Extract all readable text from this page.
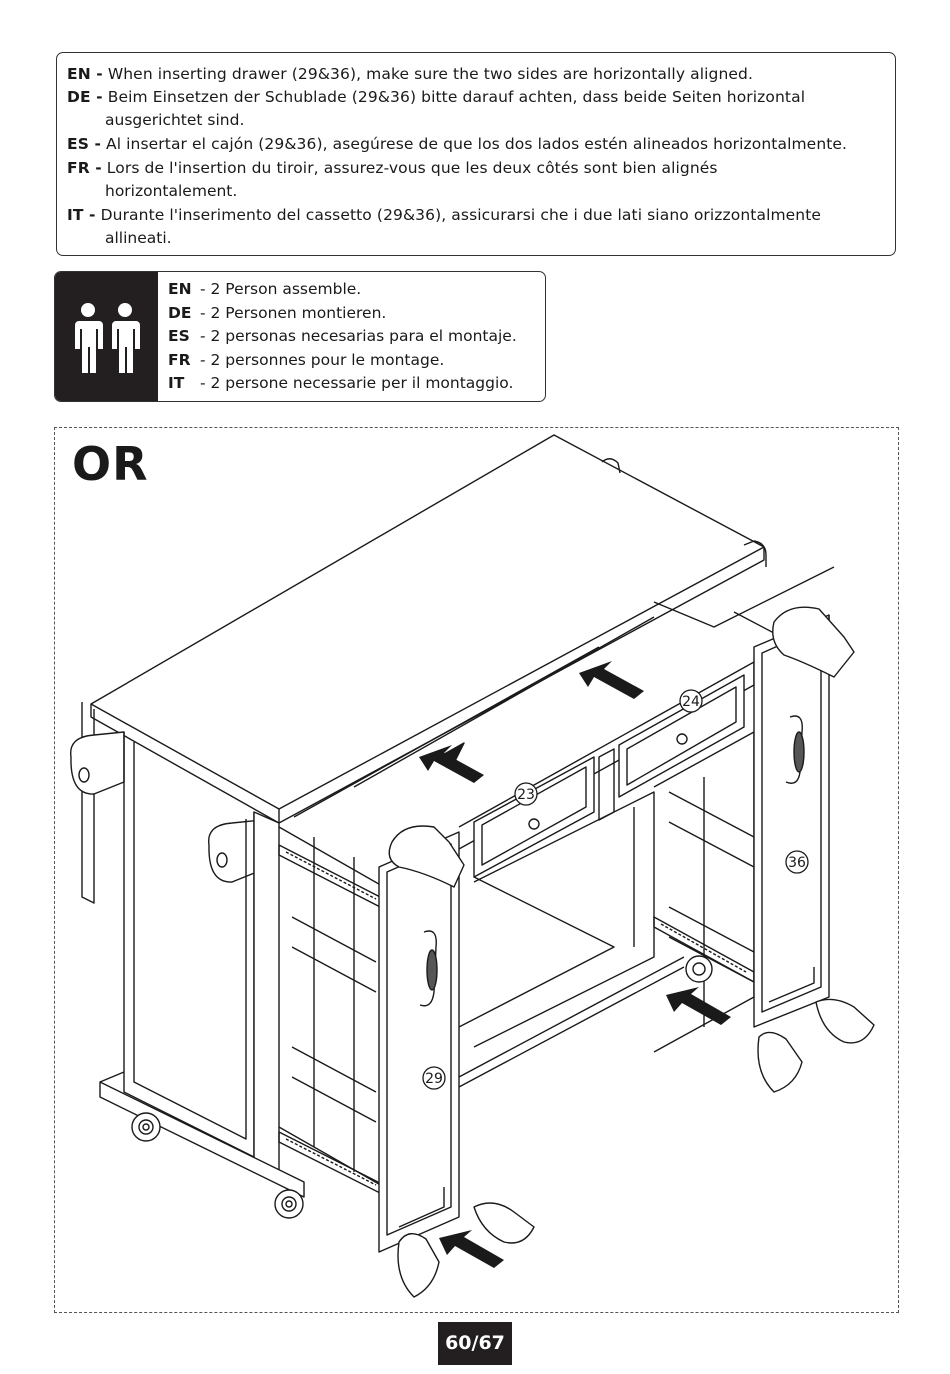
EN - When inserting drawer (29&36), make sure the two sides are horizontally aligned.
DE - Beim Einsetzen der Schublade (29&36) bitte darauf achten, dass beide Seiten horizontal
ausgerichtet sind.
ES - Al insertar el cajón (29&36), asegúrese de que los dos lados estén alineados horizontalmente.
FR - Lors de l'insertion du tiroir, assurez-vous que les deux côtés sont bien alignés
horizontalement.
IT - Durante l'inserimento del cassetto (29&36), assicurarsi che i due lati siano orizzontalmente
allineati.
EN - 2 Person assemble.
DE - 2 Personen montieren.
ES - 2 personas necesarias para el montaje.
FR - 2 personnes pour le montage.
IT - 2 persone necessarie per il montaggio.
OR
24
23
36
29
60/67
